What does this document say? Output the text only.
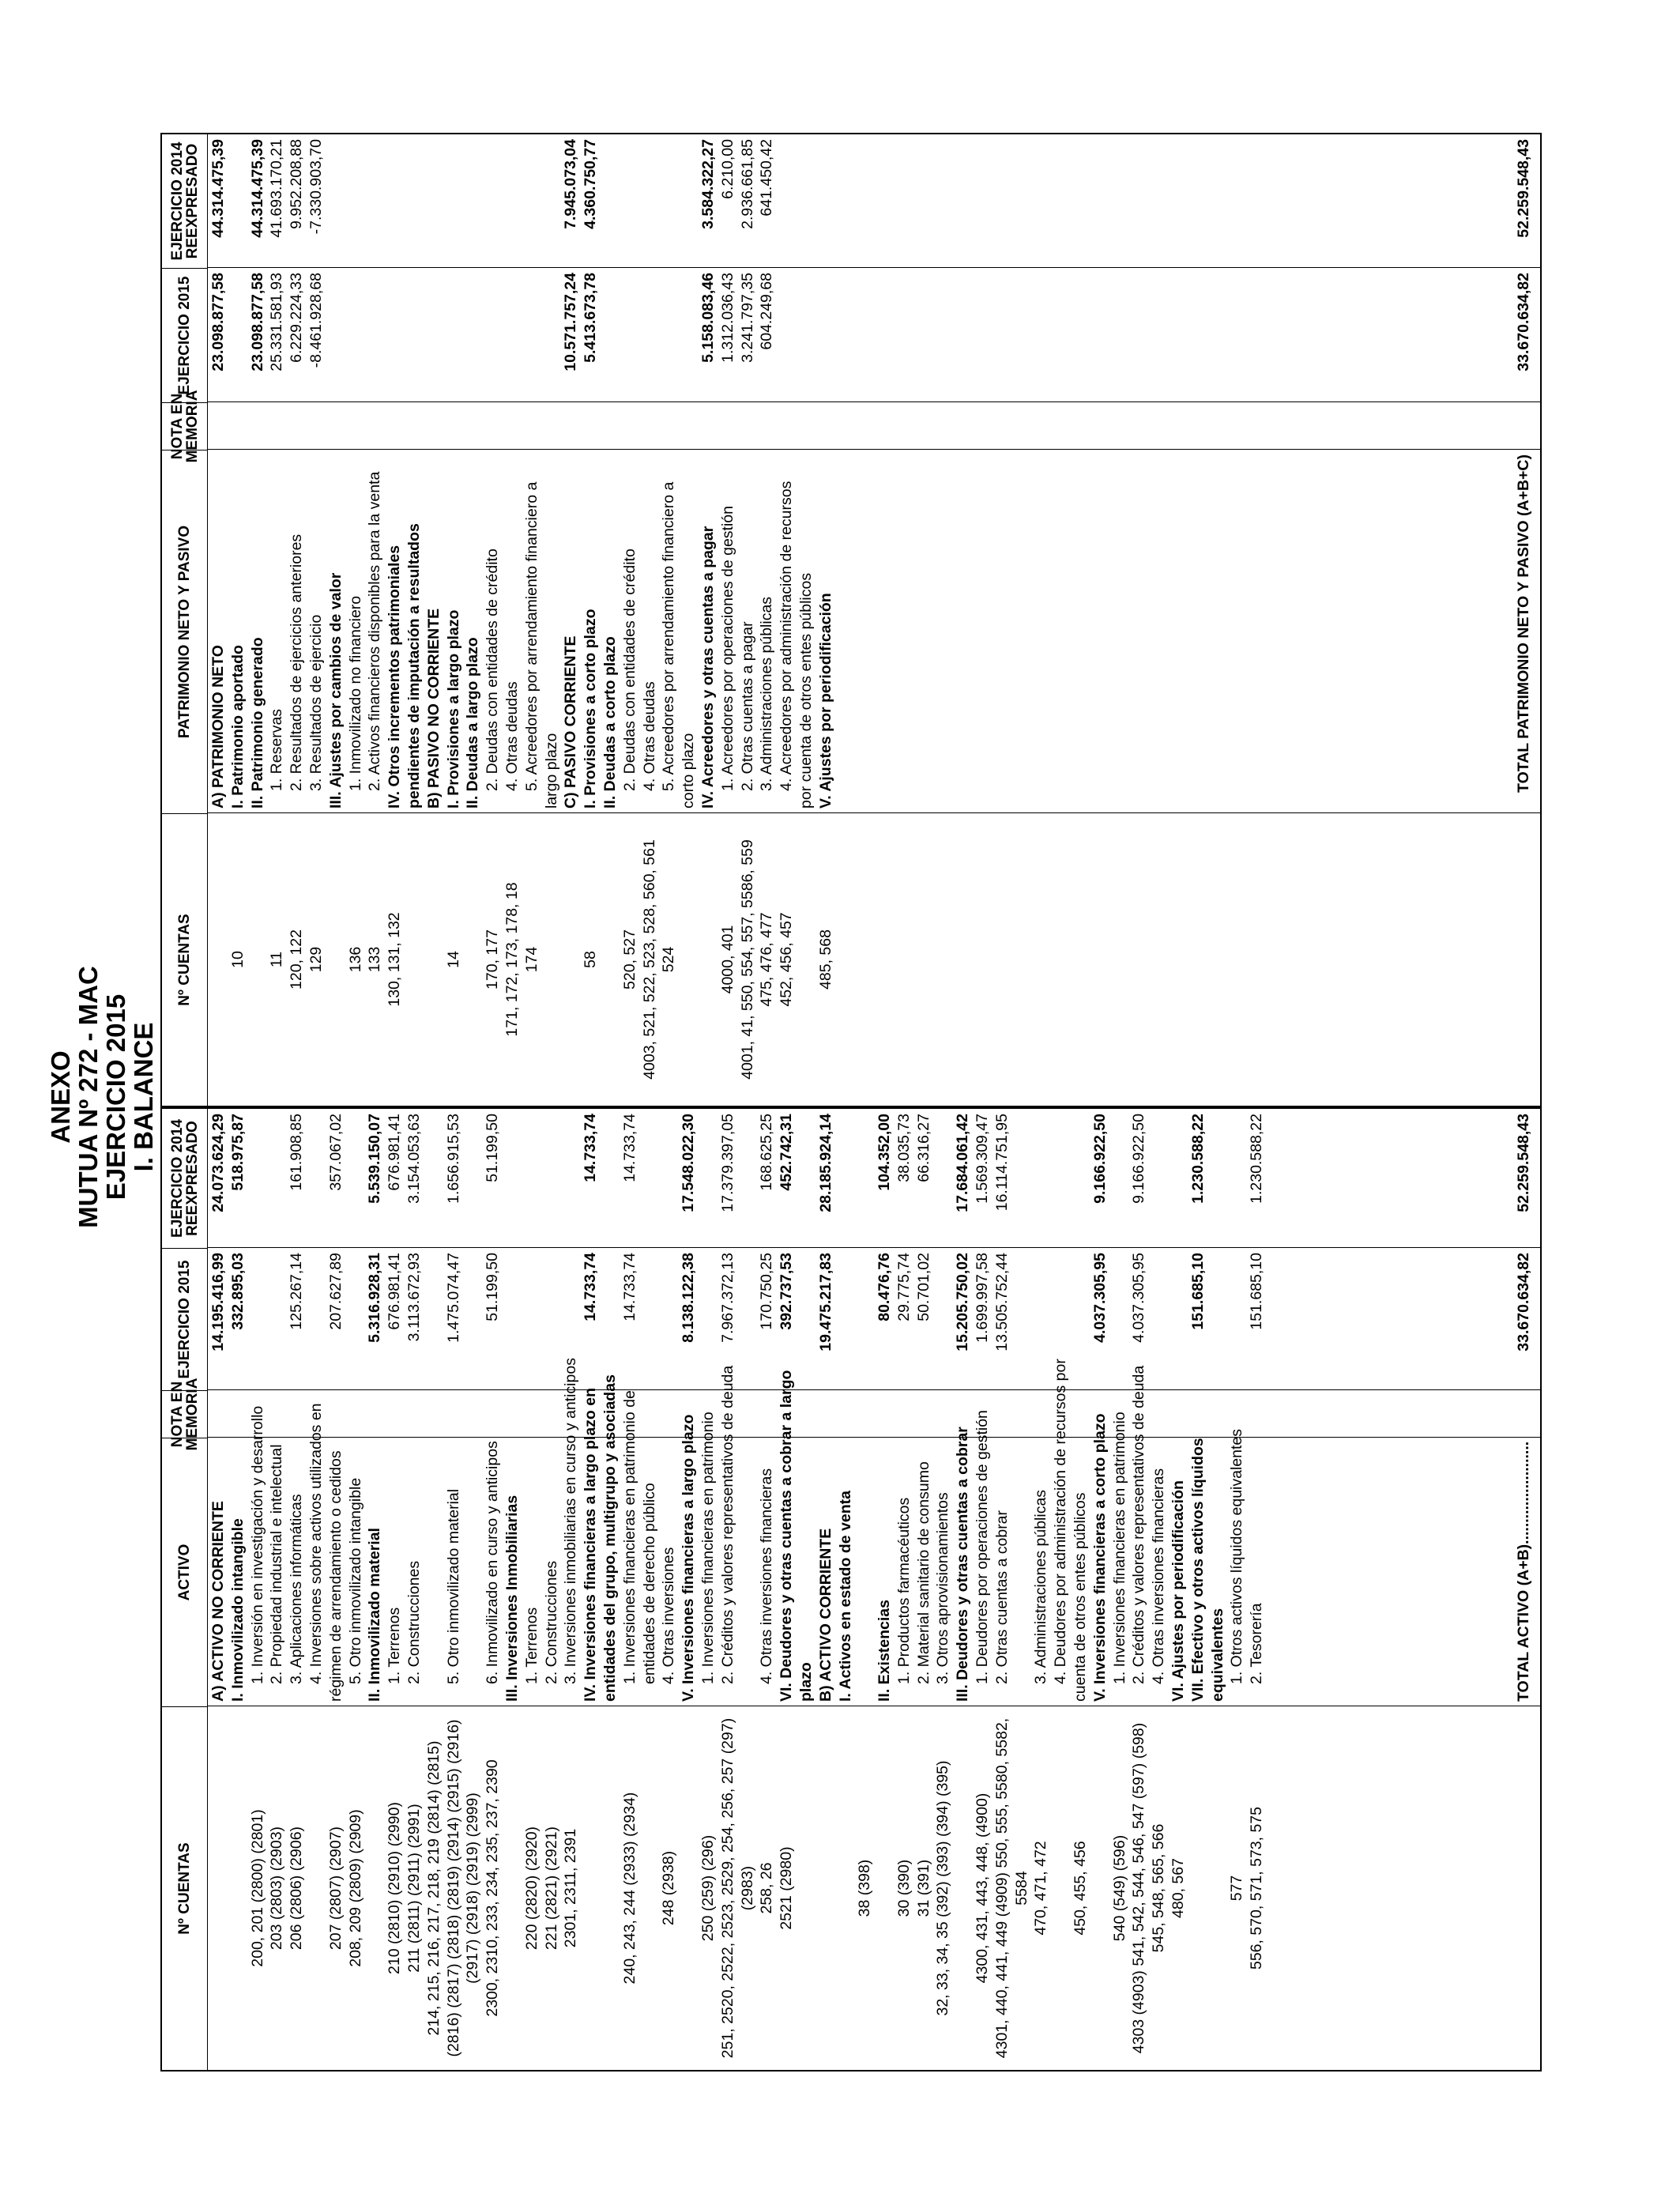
ANEXO
MUTUA Nº 272 - MAC
EJERCICIO 2015
I. BALANCE
Nº CUENTAS
ACTIVO
NOTA EN
MEMORIA
EJERCICIO 2015
EJERCICIO 2014
REEXPRESADO
A) ACTIVO NO CORRIENTE
14.195.416,99
24.073.624,29
I. Inmovilizado intangible
332.895,03
518.975,87
200, 201 (2800) (2801)
1. Inversión en investigación y desarrollo
203 (2803) (2903)
2. Propiedad industrial e intelectual
206 (2806) (2906)
3. Aplicaciones informáticas
125.267,14
161.908,85
4. Inversiones sobre activos utilizados en
207 (2807) (2907)
régimen de arrendamiento o cedidos
207.627,89
357.067,02
208, 209 (2809) (2909)
5. Otro inmovilizado intangible II. Inmovilizado material
5.316.928,31
5.539.150,07
210 (2810) (2910) (2990)
1. Terrenos
676.981,41
676.981,41
211 (2811) (2911) (2991)
2. Construcciones
3.113.672,93
3.154.053,63
214, 215, 216, 217, 218, 219 (2814) (2815) (2816) (2817) (2818) (2819) (2914) (2915) (2916)
5. Otro inmovilizado material
1.475.074,47
1.656.915,53
(2917) (2918) (2919) (2999) 2300, 2310, 233, 234, 235, 237, 2390
6. Inmovilizado en curso y anticipos
51.199,50
51.199,50
III. Inversiones Inmobiliarias
220 (2820) (2920)
1. Terrenos
221 (2821) (2921)
2. Construcciones
2301, 2311, 2391
3. Inversiones inmobiliarias en curso y anticipos IV. Inversiones financieras a largo plazo en
14.733,74
14.733,74
entidades del grupo, multigrupo y asociadas
240, 243, 244 (2933) (2934)
1. Inversiones financieras en patrimonio de
14.733,74
14.733,74
entidades de derecho público
248 (2938)
4. Otras inversiones V. Inversiones financieras a largo plazo
8.138.122,38
17.548.022,30
250 (259) (296)
1. Inversiones financieras en patrimonio
251, 2520, 2522, 2523, 2529, 254, 256, 257 (297)
2. Créditos y valores representativos de deuda
7.967.372,13
17.379.397,05
(2983) 258, 26
4. Otras inversiones financieras
170.750,25
168.625,25
2521 (2980)
VI. Deudores y otras cuentas a cobrar a largo
392.737,53
452.742,31
plazo B) ACTIVO CORRIENTE
19.475.217,83
28.185.924,14
I. Activos en estado de venta
38 (398)
II. Existencias
80.476,76
104.352,00
30 (390)
1. Productos farmacéuticos
29.775,74
38.035,73
31 (391)
2. Material sanitario de consumo
50.701,02
66.316,27
32, 33, 34, 35 (392) (393) (394) (395)
3. Otros aprovisionamientos III. Deudores y otras cuentas a cobrar
15.205.750,02
17.684.061,42
4300, 431, 443, 448, (4900)
1. Deudores por operaciones de gestión
1.699.997,58
1.569.309,47
4301, 440, 441, 449 (4909) 550, 555, 5580, 5582,
2. Otras cuentas a cobrar
13.505.752,44
16.114.751,95
5584 470, 471, 472
3. Administraciones públicas 4. Deudores por administración de recursos por
450, 455, 456
cuenta de otros entes públicos V. Inversiones financieras a corto plazo
4.037.305,95
9.166.922,50
540 (549) (596)
1. Inversiones financieras en patrimonio
4303 (4903) 541, 542, 544, 546, 547 (597) (598)
2. Créditos y valores representativos de deuda
4.037.305,95
9.166.922,50
545, 548, 565, 566
4. Otras inversiones financieras
480, 567
VI. Ajustes por periodificación VII. Efectivo y otros activos líquidos
151.685,10
1.230.588,22
equivalentes
577
1. Otros activos líquidos equivalentes
556, 570, 571, 573, 575
2. Tesorería
151.685,10
1.230.588,22
TOTAL ACTIVO (A+B)........................
33.670.634,82
52.259.548,43
Nº CUENTAS
PATRIMONIO NETO Y PASIVO
NOTA EN
MEMORIA
EJERCICIO 2015
EJERCICIO 2014
REEXPRESADO
A) PATRIMONIO NETO
23.098.877,58
44.314.475,39
10
I. Patrimonio aportado II. Patrimonio generado
23.098.877,58
44.314.475,39
11
1. Reservas
25.331.581,93
41.693.170,21
120, 122
2. Resultados de ejercicios anteriores
6.229.224,33
9.952.208,88
129
3. Resultados de ejercicio
-8.461.928,68
-7.330.903,70
III. Ajustes por cambios de valor
136
1. Inmovilizado no financiero
133
2. Activos financieros disponibles para la venta
130, 131, 132
IV. Otros incrementos patrimoniales pendientes de imputación a resultados B) PASIVO NO CORRIENTE
14
I. Provisiones a largo plazo II. Deudas a largo plazo
170, 177
2. Deudas con entidades de crédito
171, 172, 173, 178, 18
4. Otras deudas
174
5. Acreedores por arrendamiento financiero a largo plazo C) PASIVO CORRIENTE
10.571.757,24
7.945.073,04
58
I. Provisiones a corto plazo
5.413.673,78
4.360.750,77
II. Deudas a corto plazo
520, 527
2. Deudas con entidades de crédito
4003, 521, 522, 523, 528, 560, 561
4. Otras deudas
524
5. Acreedores por arrendamiento financiero a corto plazo IV. Acreedores y otras cuentas a pagar
5.158.083,46
3.584.322,27
4000, 401
1. Acreedores por operaciones de gestión
1.312.036,43
6.210,00
4001, 41, 550, 554, 557, 5586, 559
2. Otras cuentas a pagar
3.241.797,35
2.936.661,85
475, 476, 477
3. Administraciones públicas
604.249,68
641.450,42
452, 456, 457
4. Acreedores por administración de recursos por cuenta de otros entes públicos
485, 568
V. Ajustes por periodificación	TOTAL PATRIMONIO NETO Y PASIVO (A+B+C)
33.670.634,82
52.259.548,43
